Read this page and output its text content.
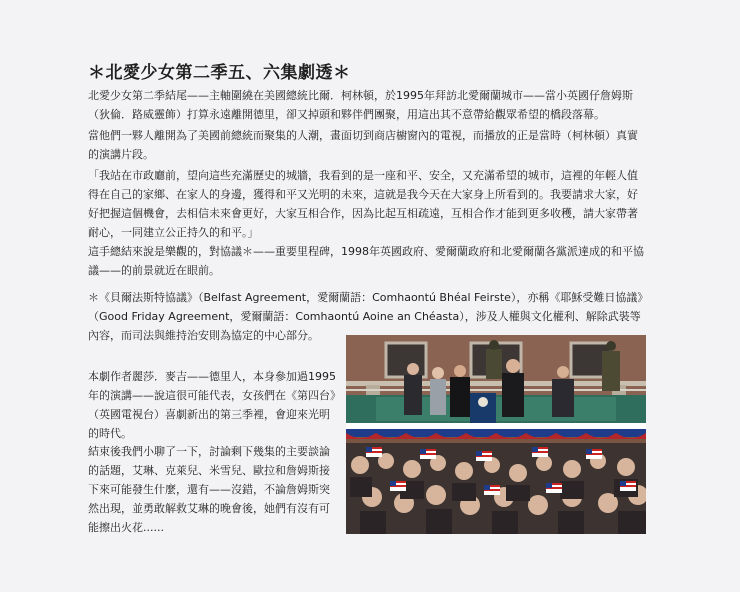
＊北愛少女第二季五、六集劇透＊

北愛少女第二季結尾——主軸圍繞在美國總統比爾．柯林頓，於1995年拜訪北愛爾蘭城市——當小英國仔詹姆斯（狄倫．路威靈飾）打算永遠離開德里，卻又掉頭和夥伴們團聚，用這出其不意帶給觀眾希望的橋段落幕。

當他們一夥人離開為了美國前總統而聚集的人潮，畫面切到商店櫥窗內的電視，而播放的正是當時（柯林頓）真實的演講片段。

「我站在市政廳前，望向這些充滿歷史的城牆，我看到的是一座和平、安全，又充滿希望的城市，這裡的年輕人值得在自己的家鄉、在家人的身邊，獲得和平又光明的未來，這就是我今天在大家身上所看到的。我要請求大家，好好把握這個機會，去相信未來會更好，大家互相合作，因為比起互相疏遠，互相合作才能到更多收穫，請大家帶著耐心，一同建立公正持久的和平。」

這手總結來說是樂觀的，對協議＊——重要里程碑，1998年英國政府、愛爾蘭政府和北愛爾蘭各黨派達成的和平協議——的前景就近在眼前。

＊《貝爾法斯特協議》（Belfast Agreement，愛爾蘭語：Comhaontú Bhéal Feirste），亦稱《耶穌受難日協議》（Good Friday Agreement，愛爾蘭語：Comhaontú Aoine an Chéasta），涉及人權與文化權利、解除武裝等內容，而司法與維持治安則為協定的中心部分。

本劇作者麗莎．麥吉——德里人，本身參加過1995年的演講——說這很可能代表，女孩們在《第四台》（英國電視台）喜劇新出的第三季裡，會迎來光明的時代。

結束後我們小聊了一下，討論剩下幾集的主要談論的話題，艾琳、克萊兒、米雪兒、歐拉和詹姆斯接下來可能發生什麼，還有——沒錯，不論詹姆斯突然出現，並勇敢解救艾琳的晚會後，她們有沒有可能擦出火花......
